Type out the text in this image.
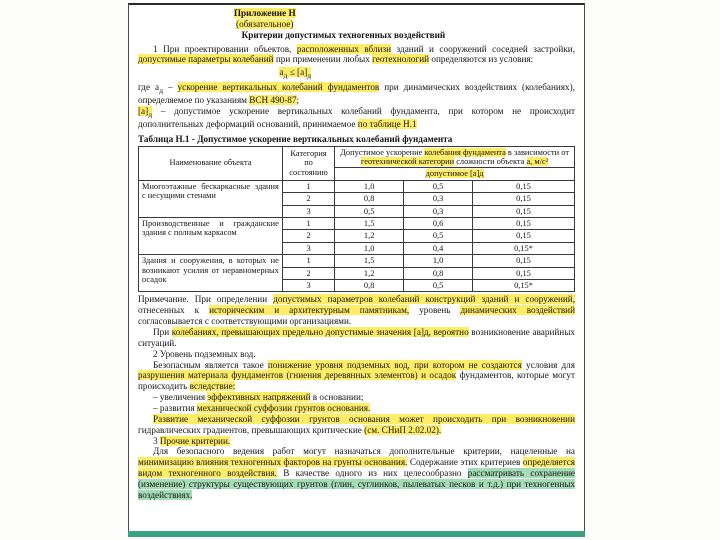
Приложение Н
(обязательное)
Критерии допустимых техногенных воздействий

1 При проектировании объектов, расположенных вблизи зданий и сооружений соседней застройки, допустимые параметры колебаний при применении любых геотехнологий определяются из условия:

$а_д \le [а]_д$

где $а_д$ – ускорение вертикальных колебаний фундаментов при динамических воздействиях (колебаниях), определяемое по указаниям ВСН 490-87;

$[а]_д$ – допустимое ускорение вертикальных колебаний фундамента, при котором не происходит дополнительных деформаций оснований, принимаемое по таблице Н.1

Таблица Н.1 - Допустимое ускорение вертикальных колебаний фундамента

Наименование объекта	Категория по состоянию	Допустимое ускорение колебания фундамента в зависимости от геотехнической категории сложности объекта а, м/с²		
		допустимое [а]д		
Многоэтажные бескаркасные здания с несущими стенами	1	1,0	0,5	0,15
	2	0,8	0,3	0,15
	3	0,5	0,3	0,15
Производственные и гражданские здания с полным каркасом	1	1,5	0,6	0,15
	2	1,2	0,5	0,15
	3	1,0	0,4	0,15*
Здания и сооружения, в которых не возникают усилия от неравномерных осадок	1	1,5	1,0	0,15
	2	1,2	0,8	0,15
	3	0,8	0,5	0,15*

Примечание. При определении допустимых параметров колебаний конструкций зданий и сооружений, отнесенных к историческим и архитектурным памятникам, уровень динамических воздействий согласовывается с соответствующими организациями.

При колебаниях, превышающих предельно допустимые значения [а]д, вероятно возникновение аварийных ситуаций.

2 Уровень подземных вод.

Безопасным является такое понижение уровня подземных вод, при котором не создаются условия для разрушения материала фундаментов (гниения деревянных элементов) и осадок фундаментов, которые могут происходить вследствие:

– увеличения эффективных напряжений в основании;

– развития механической суффозии грунтов основания.

Развитие механической суффозии грунтов основания может происходить при возникновении гидравлических градиентов, превышающих критические (см. СНиП 2.02.02).

3 Прочие критерии.

Для безопасного ведения работ могут назначаться дополнительные критерии, нацеленные на минимизацию влияния техногенных факторов на грунты основания. Содержание этих критериев определяется видом техногенного воздействия. В качестве одного из них целесообразно рассматривать сохранение (изменение) структуры существующих грунтов (глин, суглинков, пылеватых песков и т.д.) при техногенных воздействиях.
